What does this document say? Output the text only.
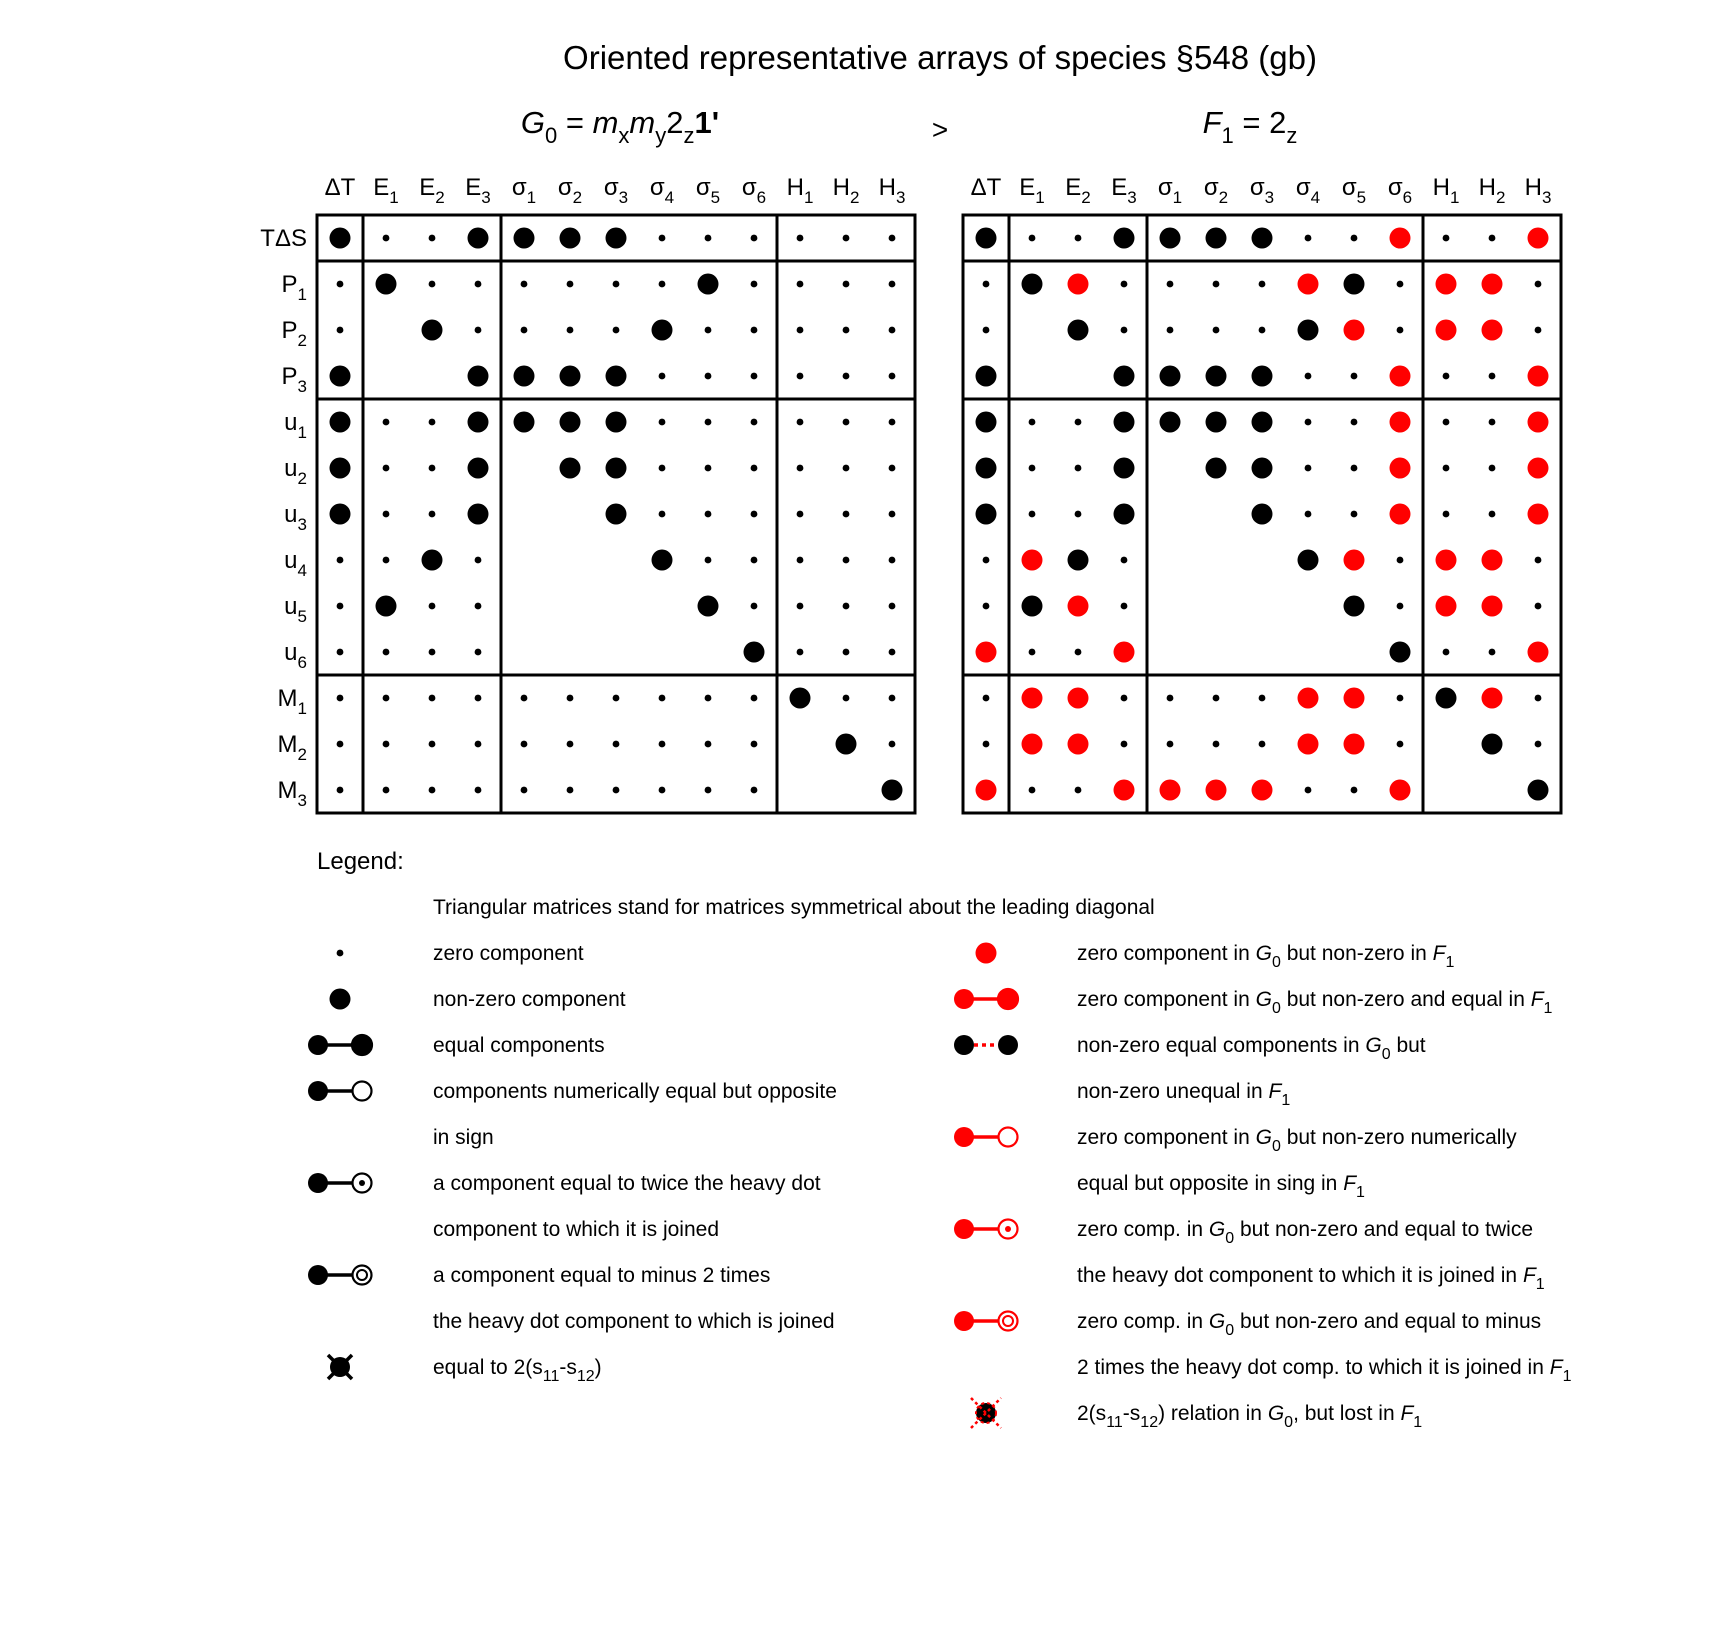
Oriented representative arrays of species §548 (gb)
$G_0 = m_xm_y2_z1'$	$F_1 = 2_z$
>
ΔT $E_1$ $E_2$ $E_3$ $\sigma_1$ $\sigma_2$ $\sigma_3$ $\sigma_4$ $\sigma_5$ $\sigma_6$ $H_1$ $H_2$ $H_3$
TΔS
$P_1$
$P_2$
$P_3$
$u_1$
$u_2$
$u_3$
$u_4$
$u_5$
$u_6$
$M_1$
$M_2$
$M_3$
ΔT $E_1$ $E_2$ $E_3$ $\sigma_1$ $\sigma_2$ $\sigma_3$ $\sigma_4$ $\sigma_5$ $\sigma_6$ $H_1$ $H_2$ $H_3$
Legend:
Triangular matrices stand for matrices symmetrical about the leading diagonal
zero component
non-zero component
equal components
components numerically equal but opposite
in sign
a component equal to twice the heavy dot
component to which it is joined
a component equal to minus 2 times
the heavy dot component to which is joined
equal to $2(s_{11}-s_{12})$
zero component in $G_0$ but non-zero in $F_1$
zero component in $G_0$ but non-zero and equal in $F_1$
non-zero equal components in $G_0$ but
non-zero unequal in $F_1$
zero component in $G_0$ but non-zero numerically
equal but opposite in sing in $F_1$
zero comp. in $G_0$ but non-zero and equal to twice
the heavy dot component to which it is joined in $F_1$
zero comp. in $G_0$ but non-zero and equal to minus
2 times the heavy dot comp. to which it is joined in $F_1$
$2(s_{11}-s_{12})$ relation in $G_0$, but lost in $F_1$
